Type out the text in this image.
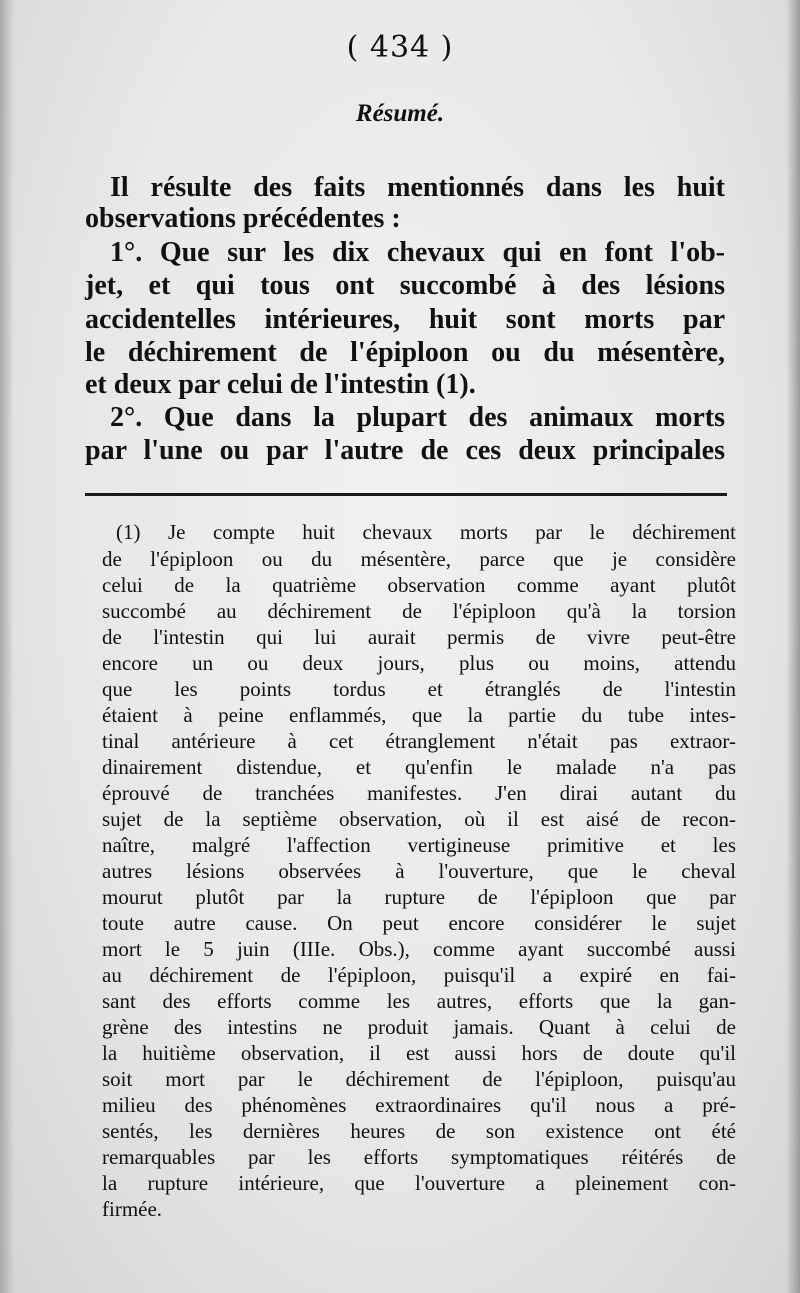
( 434 )
Résumé.
Il résulte des faits mentionnés dans les huit
observations précédentes :
1°. Que sur les dix chevaux qui en font l'ob-
jet, et qui tous ont succombé à des lésions
accidentelles intérieures, huit sont morts par
le déchirement de l'épiploon ou du mésentère,
et deux par celui de l'intestin (1).
2°. Que dans la plupart des animaux morts
par l'une ou par l'autre de ces deux principales
(1) Je compte huit chevaux morts par le déchirement
de l'épiploon ou du mésentère, parce que je considère
celui de la quatrième observation comme ayant plutôt
succombé au déchirement de l'épiploon qu'à la torsion
de l'intestin qui lui aurait permis de vivre peut-être
encore un ou deux jours, plus ou moins, attendu
que les points tordus et étranglés de l'intestin
étaient à peine enflammés, que la partie du tube intes-
tinal antérieure à cet étranglement n'était pas extraor-
dinairement distendue, et qu'enfin le malade n'a pas
éprouvé de tranchées manifestes. J'en dirai autant du
sujet de la septième observation, où il est aisé de recon-
naître, malgré l'affection vertigineuse primitive et les
autres lésions observées à l'ouverture, que le cheval
mourut plutôt par la rupture de l'épiploon que par
toute autre cause. On peut encore considérer le sujet
mort le 5 juin (IIIe. Obs.), comme ayant succombé aussi
au déchirement de l'épiploon, puisqu'il a expiré en fai-
sant des efforts comme les autres, efforts que la gan-
grène des intestins ne produit jamais. Quant à celui de
la huitième observation, il est aussi hors de doute qu'il
soit mort par le déchirement de l'épiploon, puisqu'au
milieu des phénomènes extraordinaires qu'il nous a pré-
sentés, les dernières heures de son existence ont été
remarquables par les efforts symptomatiques réitérés de
la rupture intérieure, que l'ouverture a pleinement con-
firmée.
